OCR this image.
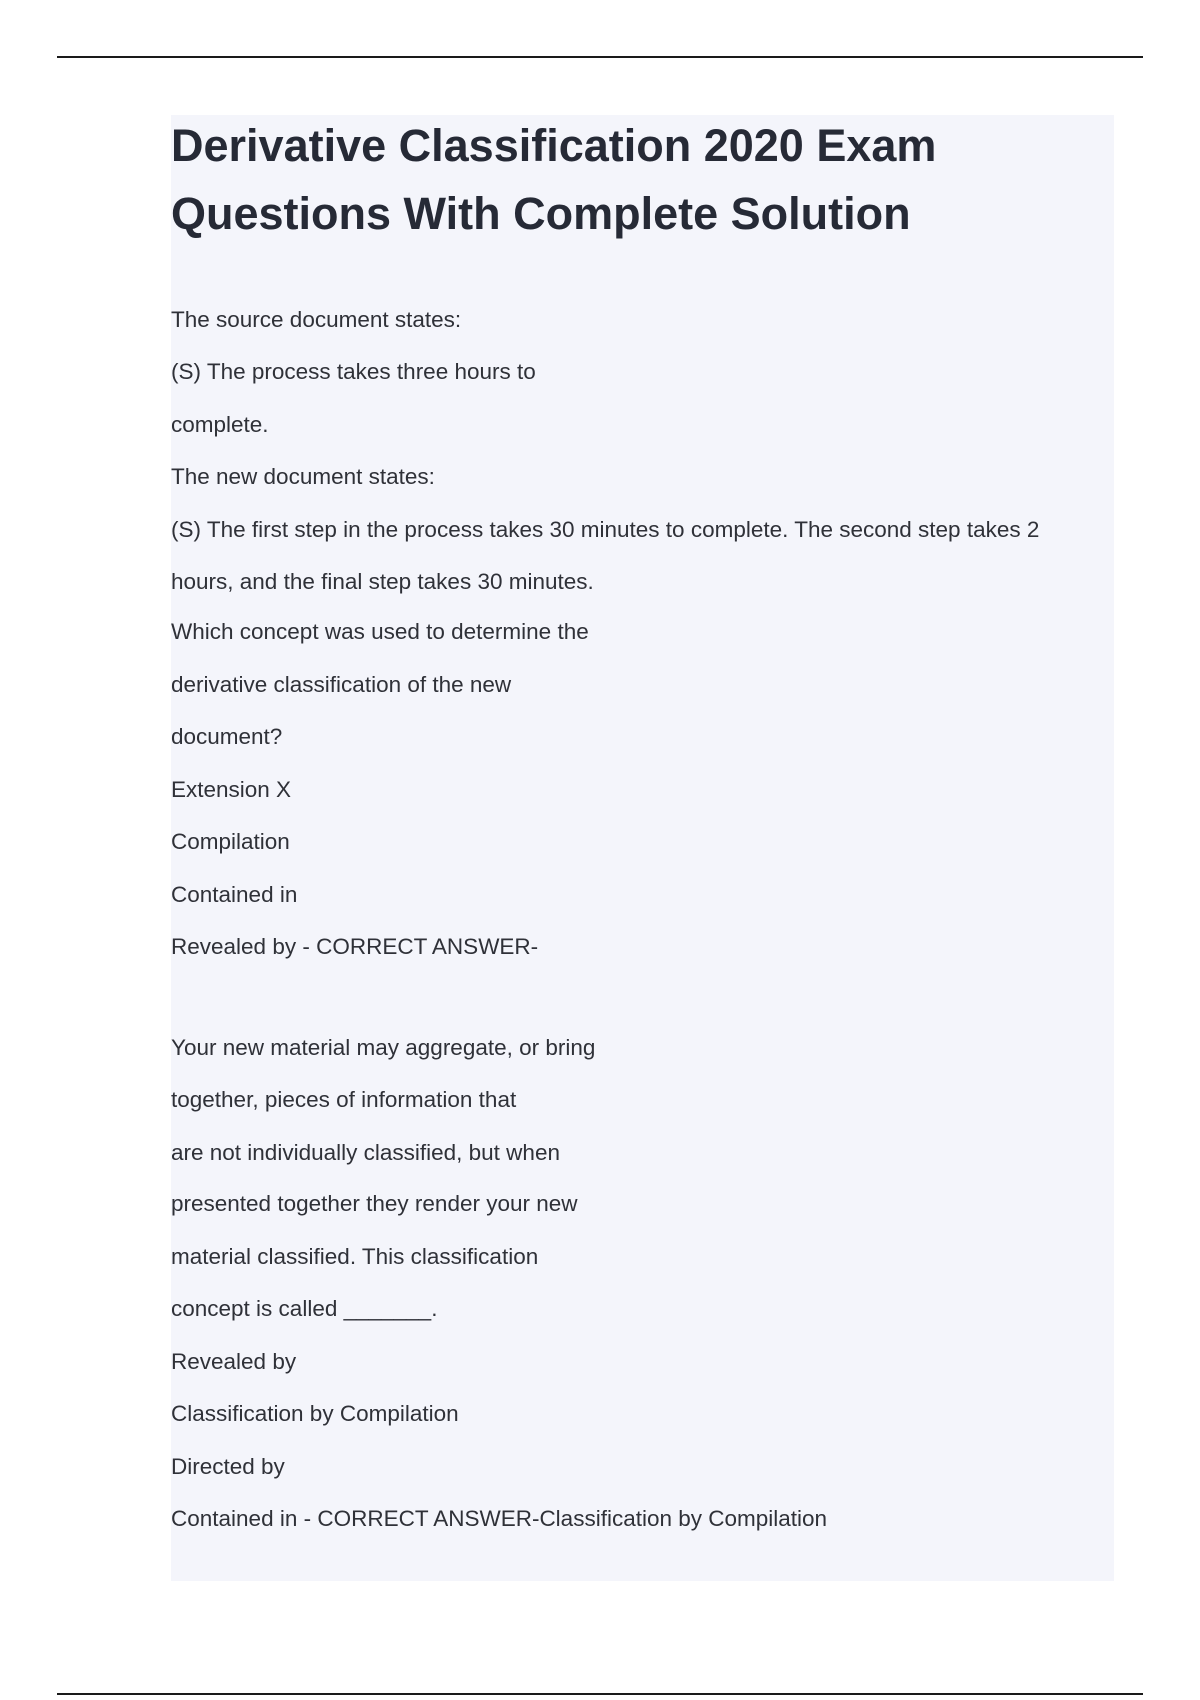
Derivative Classification 2020 Exam Questions With Complete Solution
The source document states:
(S) The process takes three hours to
complete.
The new document states:
(S) The first step in the process takes 30 minutes to complete. The second step takes 2
hours, and the final step takes 30 minutes.
Which concept was used to determine the
derivative classification of the new
document?
Extension X
Compilation
Contained in
Revealed by - CORRECT ANSWER-
Your new material may aggregate, or bring
together, pieces of information that
are not individually classified, but when
presented together they render your new
material classified. This classification
concept is called _______.
Revealed by
Classification by Compilation
Directed by
Contained in - CORRECT ANSWER-Classification by Compilation
